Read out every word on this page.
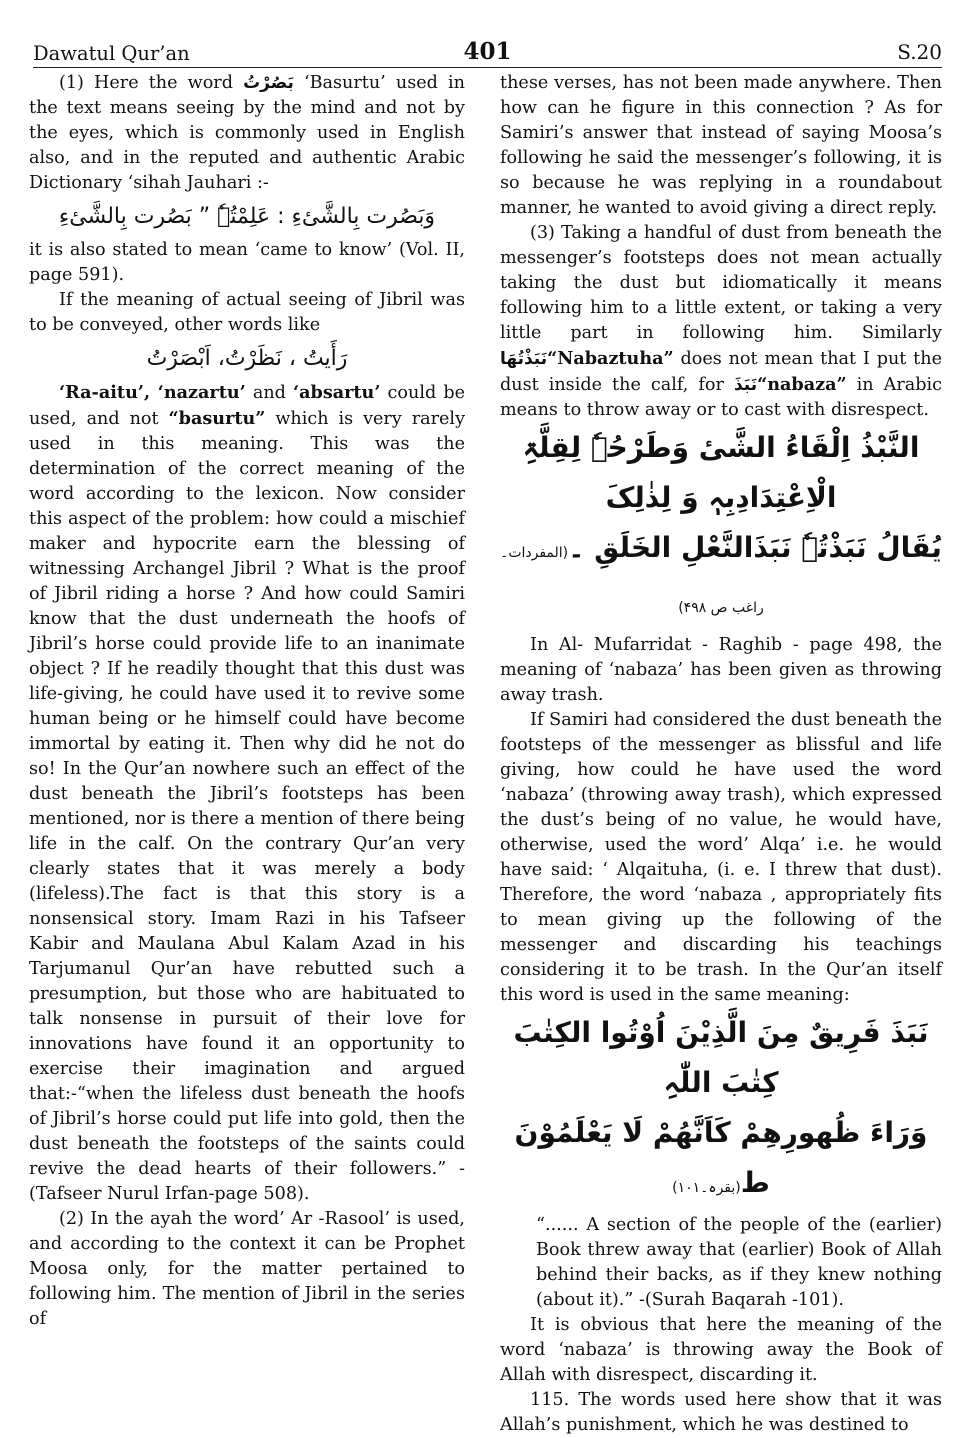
Dawatul Qur’an	401	S.20

(1) Here the word بَصُرْتُ ‘Basurtu’ used in the text means seeing by the mind and not by the eyes, which is commonly used in English also, and in the reputed and authentic Arabic Dictionary ‘sihah Jauhari :-

وَبَصُرت بِالشَّیٔءِ : عَلِمْتُہٗ ” بَصُرت بِالشَّیٔءِ

it is also stated to mean ‘came to know’ (Vol. II, page 591).

If the meaning of actual seeing of Jibril was to be conveyed, other words like

رَأَیتُ ، نَظَرْتُ، اَبْصَرْتُ

‘Ra-aitu’, ‘nazartu’ and ‘absartu’ could be used, and not “basurtu” which is very rarely used in this meaning. This was the determination of the correct meaning of the word according to the lexicon. Now consider this aspect of the problem: how could a mischief maker and hypocrite earn the blessing of witnessing Archangel Jibril ? What is the proof of Jibril riding a horse ? And how could Samiri know that the dust underneath the hoofs of Jibril’s horse could provide life to an inanimate object ? If he readily thought that this dust was life-giving, he could have used it to revive some human being or he himself could have become immortal by eating it. Then why did he not do so! In the Qur’an nowhere such an effect of the dust beneath the Jibril’s footsteps has been mentioned, nor is there a mention of there being life in the calf. On the contrary Qur’an very clearly states that it was merely a body (lifeless).The fact is that this story is a nonsensical story. Imam Razi in his Tafseer Kabir and Maulana Abul Kalam Azad in his Tarjumanul Qur’an have rebutted such a presumption, but those who are habituated to talk nonsense in pursuit of their love for innovations have found it an opportunity to exercise their imagination and argued that:-“when the lifeless dust beneath the hoofs of Jibril’s horse could put life into gold, then the dust beneath the footsteps of the saints could revive the dead hearts of their followers.” -(Tafseer Nurul Irfan-page 508).

(2) In the ayah the word’ Ar -Rasool’ is used, and according to the context it can be Prophet Moosa only, for the matter pertained to following him. The mention of Jibril in the series of

these verses, has not been made anywhere. Then how can he figure in this connection ? As for Samiri’s answer that instead of saying Moosa’s following he said the messenger’s following, it is so because he was replying in a roundabout manner, he wanted to avoid giving a direct reply.

(3) Taking a handful of dust from beneath the messenger’s footsteps does not mean actually taking the dust but idiomatically it means following him to a little extent, or taking a very little part in following him. Similarly نَبَذْتُهَا“Nabaztuha” does not mean that I put the dust inside the calf, for نَبَذَ“nabaza” in Arabic means to throw away or to cast with disrespect.

النَّبْذُ اِلْقَاءُ الشَّیٔ وَطَرْحُہٗ لِقِلَّۃِ الْاِعْتِدَادِبِہٖ وَ لِذٰلِکَ

یُقَالُ نَبَذْتُہٗ نَبَذَالنَّعْلِ الخَلَقِ ۔(المفردات۔راغب ص ۴۹۸)

In Al- Mufarridat - Raghib - page 498, the meaning of ‘nabaza’ has been given as throwing away trash.

If Samiri had considered the dust beneath the footsteps of the messenger as blissful and life giving, how could he have used the word ‘nabaza’ (throwing away trash), which expressed the dust’s being of no value, he would have, otherwise, used the word’ Alqa’ i.e. he would have said: ‘ Alqaituha, (i. e. I threw that dust). Therefore, the word ‘nabaza , appropriately fits to mean giving up the following of the messenger and discarding his teachings considering it to be trash. In the Qur’an itself this word is used in the same meaning:

نَبَذَ فَرِیقٌ مِنَ الَّذِیْنَ اُوْتُوا الکِتٰبَ کِتٰبَ اللّٰہِ

وَرَاءَ ظُھورِھِمْ کَاَنَّھُمْ لَا یَعْلَمُوْنَ ط(بقرہ۔۱۰۱)

“...... A section of the people of the (earlier) Book threw away that (earlier) Book of Allah behind their backs, as if they knew nothing (about it).” -(Surah Baqarah -101).

It is obvious that here the meaning of the word ‘nabaza’ is throwing away the Book of Allah with disrespect, discarding it.

115. The words used here show that it was Allah’s punishment, which he was destined to
